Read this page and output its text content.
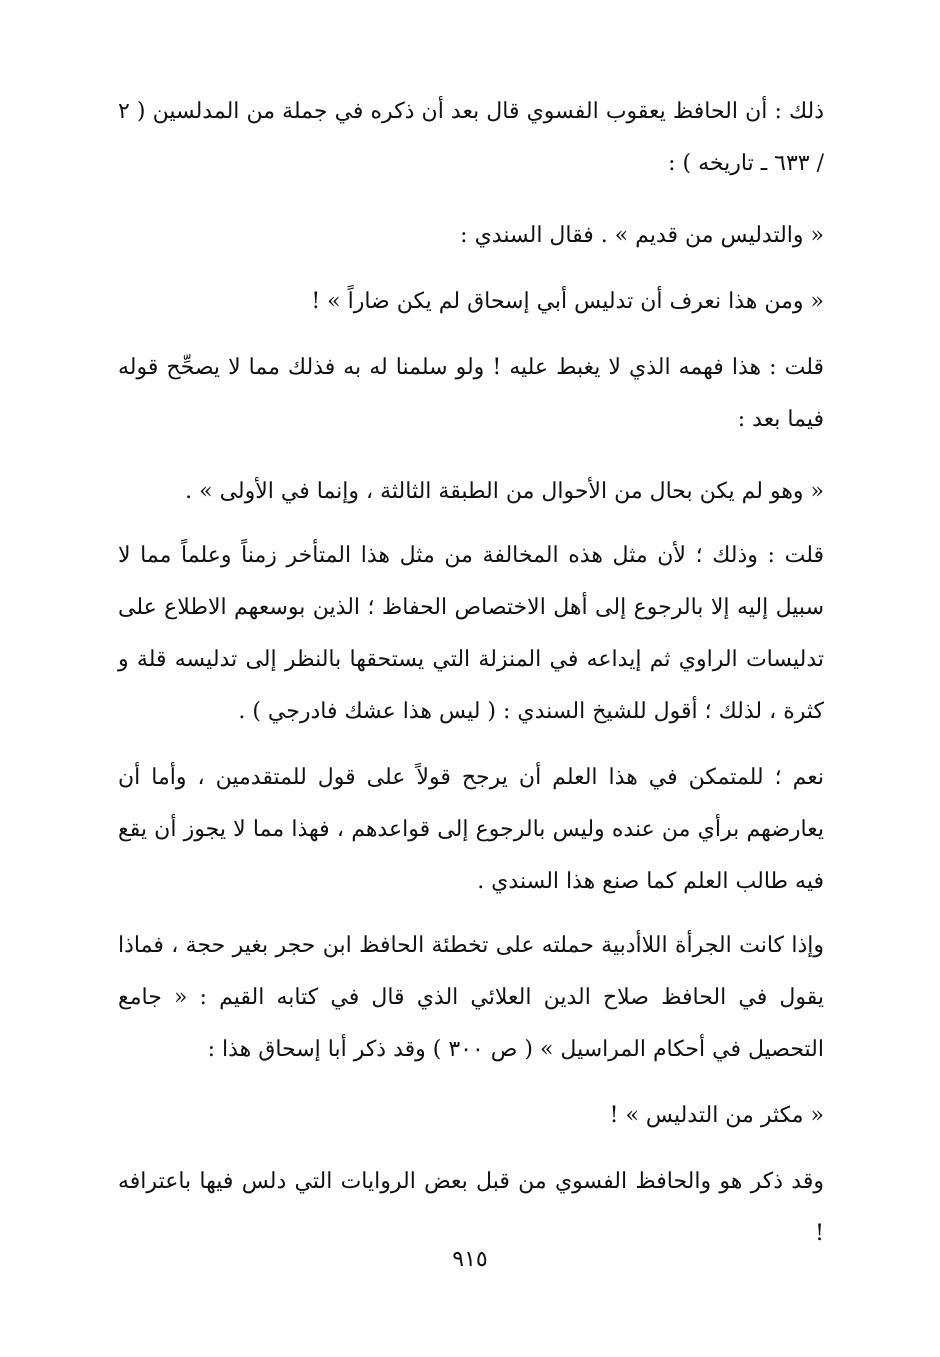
ذلك : أن الحافظ يعقوب الفسوي قال بعد أن ذكره في جملة من المدلسين ( ٢ / ٦٣٣ ـ تاريخه ) :

« والتدليس من قديم » . فقال السندي :

« ومن هذا نعرف أن تدليس أبي إسحاق لم يكن ضاراً » !

قلت : هذا فهمه الذي لا يغبط عليه ! ولو سلمنا له به فذلك مما لا يصحِّح قوله فيما بعد :

« وهو لم يكن بحال من الأحوال من الطبقة الثالثة ، وإنما في الأولى » .

قلت : وذلك ؛ لأن مثل هذه المخالفة من مثل هذا المتأخر زمناً وعلماً مما لا سبيل إليه إلا بالرجوع إلى أهل الاختصاص الحفاظ ؛ الذين بوسعهم الاطلاع على تدليسات الراوي ثم إيداعه في المنزلة التي يستحقها بالنظر إلى تدليسه قلة و كثرة ، لذلك ؛ أقول للشيخ السندي : ( ليس هذا عشك فادرجي ) .

نعم ؛ للمتمكن في هذا العلم أن يرجح قولاً على قول للمتقدمين ، وأما أن يعارضهم برأي من عنده وليس بالرجوع إلى قواعدهم ، فهذا مما لا يجوز أن يقع فيه طالب العلم كما صنع هذا السندي .

وإذا كانت الجرأة اللاأدبية حملته على تخطئة الحافظ ابن حجر بغير حجة ، فماذا يقول في الحافظ صلاح الدين العلائي الذي قال في كتابه القيم : « جامع التحصيل في أحكام المراسيل » ( ص ٣٠٠ ) وقد ذكر أبا إسحاق هذا :

« مكثر من التدليس » !

وقد ذكر هو والحافظ الفسوي من قبل بعض الروايات التي دلس فيها باعترافه !

٩١٥
